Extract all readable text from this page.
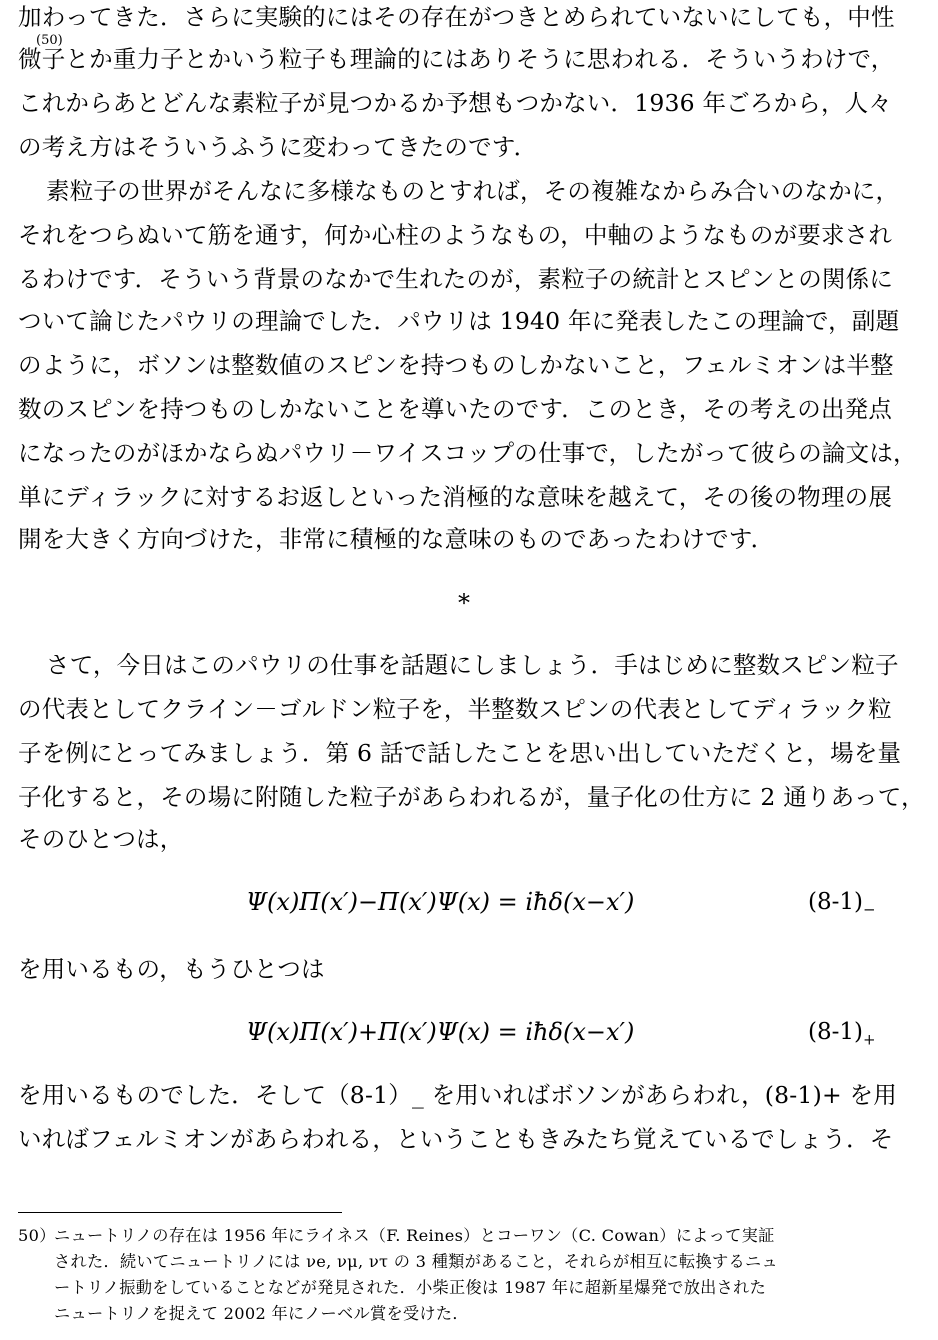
加わってきた．さらに実験的にはその存在がつきとめられていないにしても，中性
(50)
微子とか重力子とかいう粒子も理論的にはありそうに思われる．そういうわけで，
これからあとどんな素粒子が見つかるか予想もつかない．1936 年ごろから，人々
の考え方はそういうふうに変わってきたのです．
素粒子の世界がそんなに多様なものとすれば，その複雑なからみ合いのなかに，
それをつらぬいて筋を通す，何か心柱のようなもの，中軸のようなものが要求され
るわけです．そういう背景のなかで生れたのが，素粒子の統計とスピンとの関係に
ついて論じたパウリの理論でした．パウリは 1940 年に発表したこの理論で，副題
のように，ボソンは整数値のスピンを持つものしかないこと，フェルミオンは半整
数のスピンを持つものしかないことを導いたのです．このとき，その考えの出発点
になったのがほかならぬパウリ－ワイスコップの仕事で，したがって彼らの論文は，
単にディラックに対するお返しといった消極的な意味を越えて，その後の物理の展
開を大きく方向づけた，非常に積極的な意味のものであったわけです．
*
さて，今日はこのパウリの仕事を話題にしましょう．手はじめに整数スピン粒子
の代表としてクライン－ゴルドン粒子を，半整数スピンの代表としてディラック粒
子を例にとってみましょう．第 6 話で話したことを思い出していただくと，場を量
子化すると，その場に附随した粒子があらわれるが，量子化の仕方に 2 通りあって，
そのひとつは，
Ψ(x)Π(x′)−Π(x′)Ψ(x) = iħδ(x−x′)	$(8-1)_-$
を用いるもの，もうひとつは
Ψ(x)Π(x′)+Π(x′)Ψ(x) = iħδ(x−x′)	$(8-1)_+$
を用いるものでした．そして（8-1）_ を用いればボソンがあらわれ，(8-1)+ を用
いればフェルミオンがあらわれる，ということもきみたち覚えているでしょう．そ
50）
ニュートリノの存在は 1956 年にライネス（F. Reines）とコーワン（C. Cowan）によって実証
された．続いてニュートリノには νe, νμ, ντ の 3 種類があること，それらが相互に転換するニュ
ートリノ振動をしていることなどが発見された．小柴正俊は 1987 年に超新星爆発で放出された
ニュートリノを捉えて 2002 年にノーベル賞を受けた．
